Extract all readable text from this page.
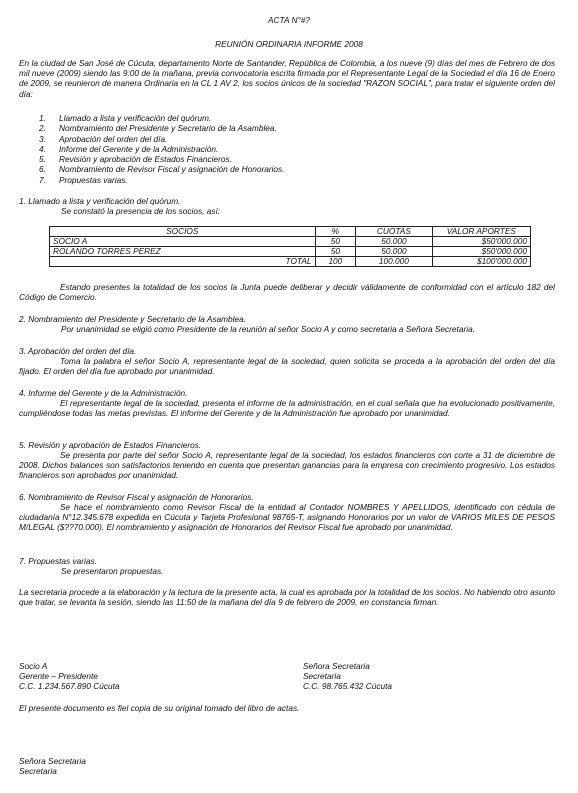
ACTA N°#?
REUNIÓN ORDINARIA INFORME 2008
En la ciudad de San José de Cúcuta, departamento Norte de Santander, República de Colombia, a los nueve (9) días del mes de Febrero de dos mil nueve (2009) siendo las 9:00 de la mañana, previa convocatoria escrita firmada por el Representante Legal de la Sociedad el día 16 de Enero de 2009, se reunieron de manera Ordinaria en la CL 1 AV 2, los socios únicos de la sociedad "RAZON SOCIAL", para tratar el siguiente orden del día:
1. Llamado a lista y verificación del quórum.
2. Nombramiento del Presidente y Secretario de la Asamblea.
3. Aprobación del orden del día.
4. Informe del Gerente y de la Administración.
5. Revisión y aprobación de Estados Financieros.
6. Nombramiento de Revisor Fiscal y asignación de Honorarios.
7. Propuestas varias.
1. Llamado a lista y verificación del quórum.
Se constató la presencia de los socios, así:
SOCIOS	%	CUOTAS	VALOR APORTES
SOCIO A	50	50.000	$50'000.000
ROLANDO TORRES PEREZ	50	50.000	$50'000.000
TOTAL	100	100.000	$100'000.000
Estando presentes la totalidad de los socios la Junta puede deliberar y decidir válidamente de conformidad con el artículo 182 del Código de Comercio.
2. Nombramiento del Presidente y Secretario de la Asamblea.
Por unanimidad se eligió como Presidente de la reunión al señor Socio A y como secretaria a Señora Secretaria.
3. Aprobación del orden del día.
Toma la palabra el señor Socio A, representante legal de la sociedad, quien solicita se proceda a la aprobación del orden del día fijado. El orden del día fue aprobado por unanimidad.
4. Informe del Gerente y de la Administración.
El representante legal de la sociedad, presenta el informe de la administración, en el cual señala que ha evolucionado positivamente, cumpliéndose todas las metas previstas. El informe del Gerente y de la Administración fue aprobado por unanimidad.
5. Revisión y aprobación de Estados Financieros.
Se presenta por parte del señor Socio A, representante legal de la sociedad, los estados financieros con corte a 31 de diciembre de 2008. Dichos balances son satisfactorios teniendo en cuenta que presentan ganancias para la empresa con crecimiento progresivo. Los estados financieros son aprobados por unanimidad.
6. Nombramiento de Revisor Fiscal y asignación de Honorarios.
Se hace el nombramiento como Revisor Fiscal de la entidad al Contador NOMBRES Y APELLIDOS, identificado con cédula de ciudadanía N°12.345.678 expedida en Cúcuta y Tarjeta Profesional 98765-T, asignando Honorarios por un valor de VARIOS MILES DE PESOS M/LEGAL ($??70.000). El nombramiento y asignación de Honorarios del Revisor Fiscal fue aprobado por unanimidad.
7. Propuestas varias.
Se presentaron propuestas.
La secretaria procede a la elaboración y la lectura de la presente acta, la cual es aprobada por la totalidad de los socios. No habiendo otro asunto que tratar, se levanta la sesión, siendo las 11:50 de la mañana del día 9 de febrero de 2009, en constancia firman.
Socio A
Gerente – Presidente
C.C. 1.234.567.890 Cúcuta
Señora Secretaria
Secretaria
C.C. 98.765.432 Cúcuta
El presente documento es fiel copia de su original tomado del libro de actas.
Señora Secretaria
Secretaria
